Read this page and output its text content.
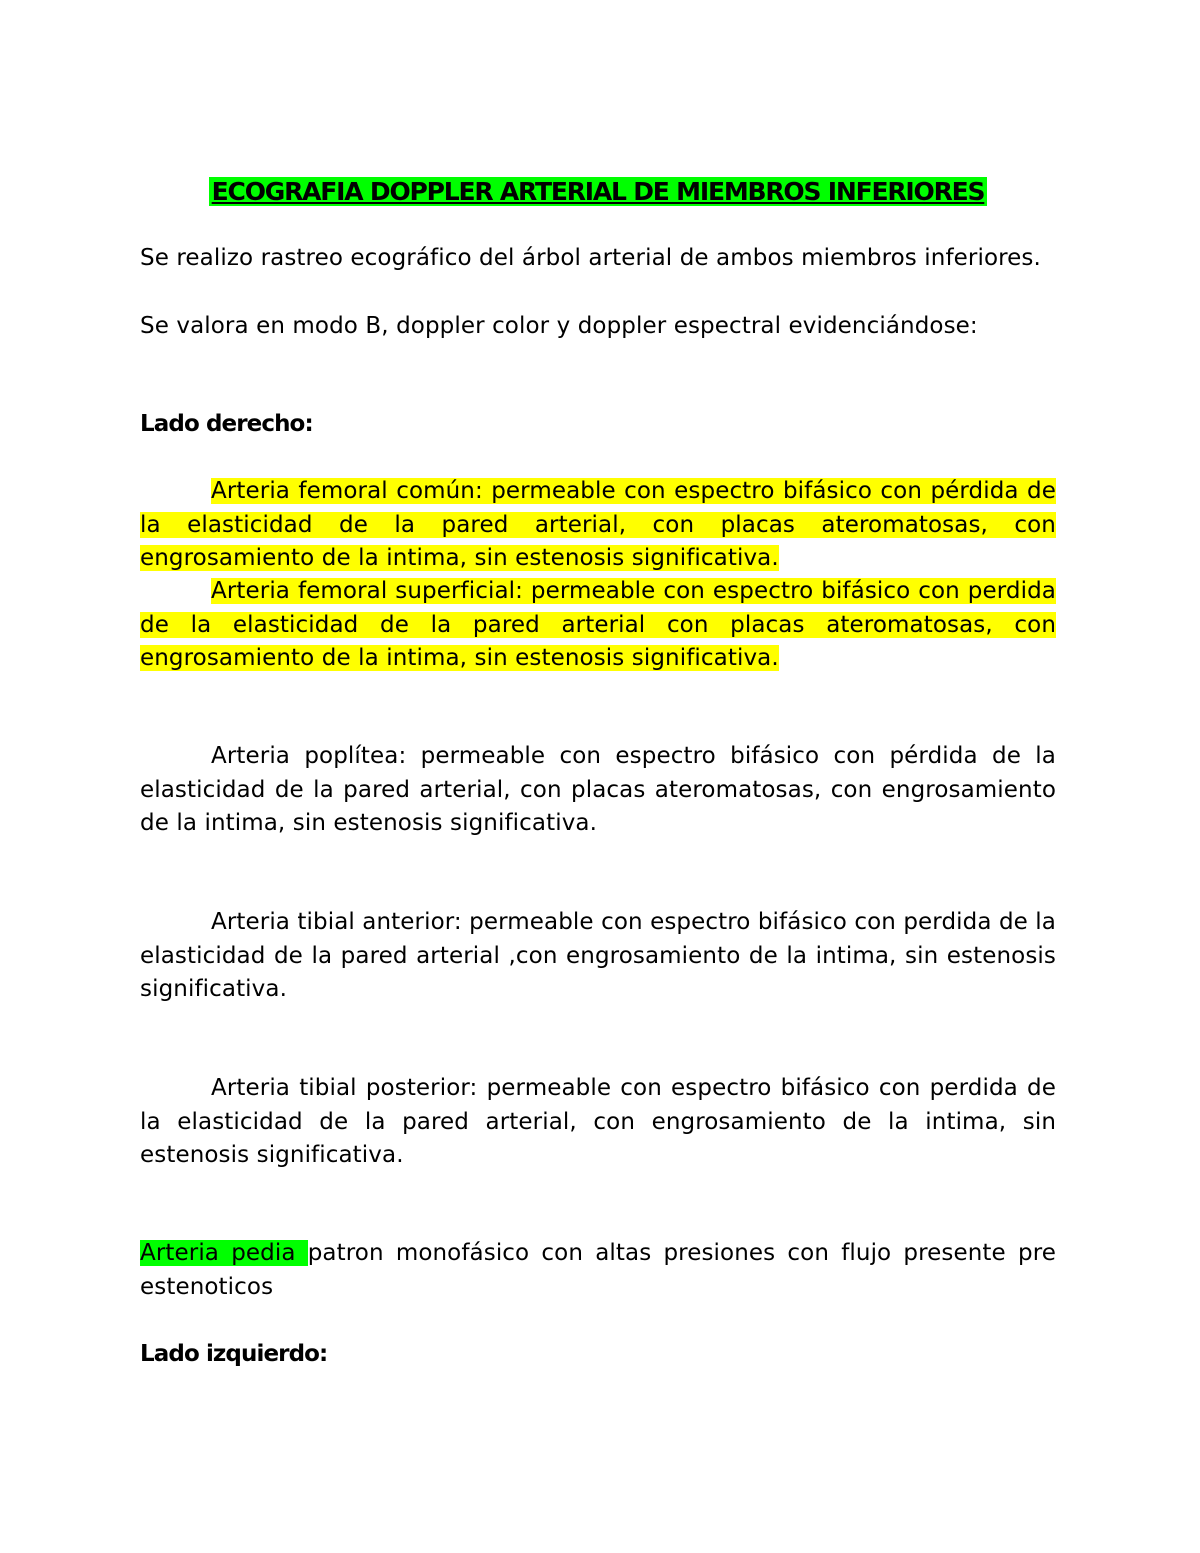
ECOGRAFIA DOPPLER ARTERIAL DE MIEMBROS INFERIORES
Se realizo rastreo ecográfico del árbol arterial de ambos miembros inferiores.
Se valora en modo B, doppler color y doppler espectral evidenciándose:
Lado derecho:
Arteria femoral común: permeable con espectro bifásico con pérdida de la elasticidad de la pared arterial, con placas ateromatosas, con engrosamiento de la intima, sin estenosis significativa.
Arteria femoral superficial: permeable con espectro bifásico con perdida de la elasticidad de la pared arterial con placas ateromatosas, con engrosamiento de la intima, sin estenosis significativa.
Arteria poplítea: permeable con espectro bifásico con pérdida de la elasticidad de la pared arterial, con placas ateromatosas, con engrosamiento de la intima, sin estenosis significativa.
Arteria tibial anterior: permeable con espectro bifásico con perdida de la elasticidad de la pared arterial ,con engrosamiento de la intima, sin estenosis significativa.
Arteria tibial posterior: permeable con espectro bifásico con perdida de la elasticidad de la pared arterial, con engrosamiento de la intima, sin estenosis significativa.
Arteria pedia patron monofásico con altas presiones con flujo presente pre estenoticos
Lado izquierdo:
